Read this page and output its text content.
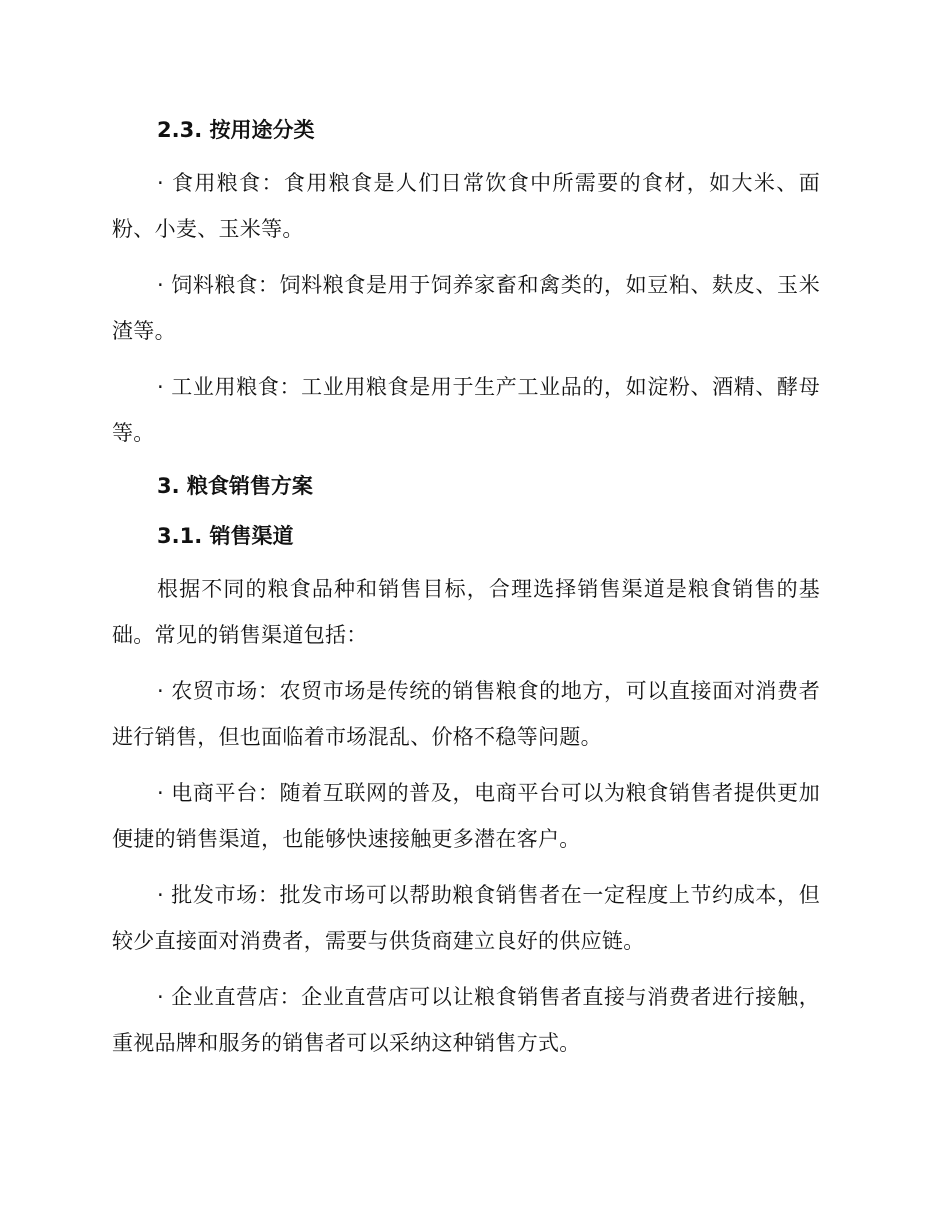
2.3. 按用途分类

· 食用粮食：食用粮食是人们日常饮食中所需要的食材，如大米、面粉、小麦、玉米等。

· 饲料粮食：饲料粮食是用于饲养家畜和禽类的，如豆粕、麸皮、玉米渣等。

· 工业用粮食：工业用粮食是用于生产工业品的，如淀粉、酒精、酵母等。

3. 粮食销售方案
3.1. 销售渠道

根据不同的粮食品种和销售目标，合理选择销售渠道是粮食销售的基础。常见的销售渠道包括：

· 农贸市场：农贸市场是传统的销售粮食的地方，可以直接面对消费者进行销售，但也面临着市场混乱、价格不稳等问题。

· 电商平台：随着互联网的普及，电商平台可以为粮食销售者提供更加便捷的销售渠道，也能够快速接触更多潜在客户。

· 批发市场：批发市场可以帮助粮食销售者在一定程度上节约成本，但较少直接面对消费者，需要与供货商建立良好的供应链。

· 企业直营店：企业直营店可以让粮食销售者直接与消费者进行接触，重视品牌和服务的销售者可以采纳这种销售方式。
